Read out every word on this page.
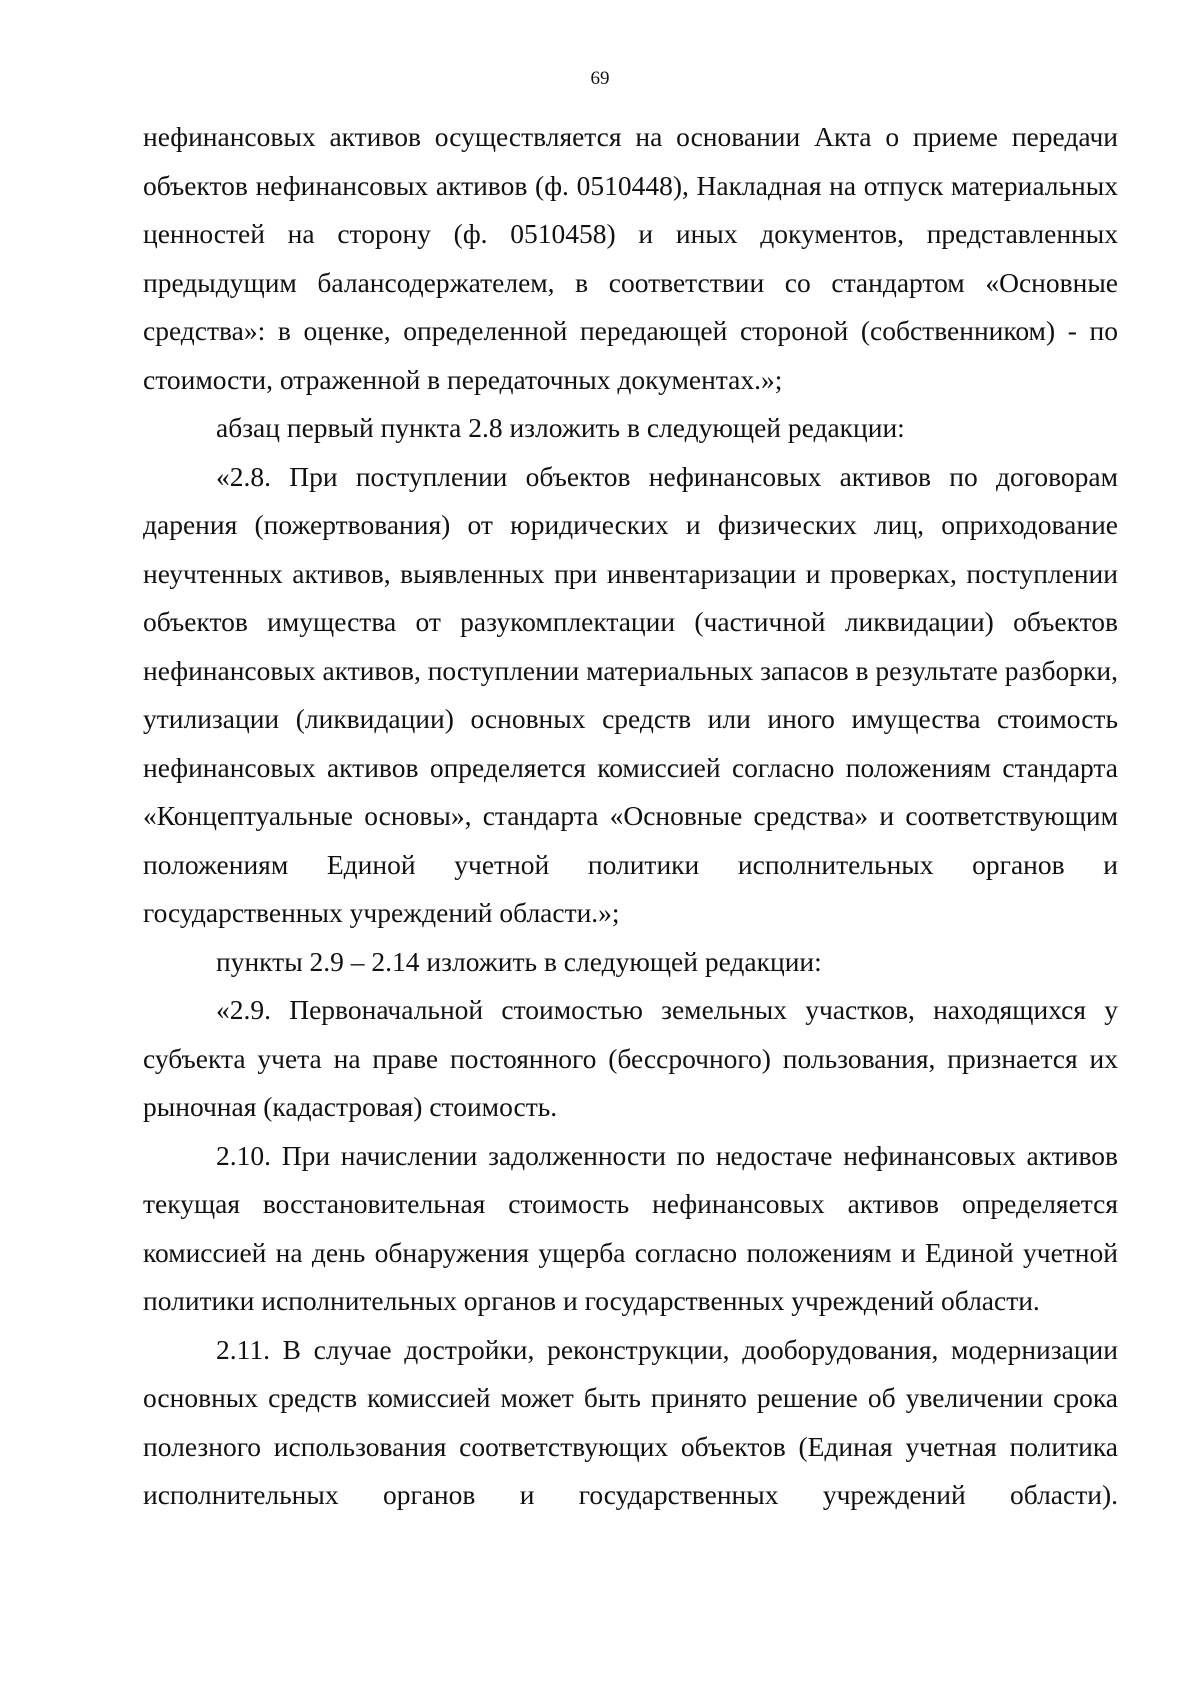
69

нефинансовых активов осуществляется на основании Акта о приеме передачи объектов нефинансовых активов (ф. 0510448), Накладная на отпуск материальных ценностей на сторону (ф. 0510458) и иных документов, представленных предыдущим балансодержателем, в соответствии со стандартом «Основные средства»: в оценке, определенной передающей стороной (собственником) - по стоимости, отраженной в передаточных документах.»;

абзац первый пункта 2.8 изложить в следующей редакции:

«2.8. При поступлении объектов нефинансовых активов по договорам дарения (пожертвования) от юридических и физических лиц, оприходование неучтенных активов, выявленных при инвентаризации и проверках, поступлении объектов имущества от разукомплектации (частичной ликвидации) объектов нефинансовых активов, поступлении материальных запасов в результате разборки, утилизации (ликвидации) основных средств или иного имущества стоимость нефинансовых активов определяется комиссией согласно положениям стандарта «Концептуальные основы», стандарта «Основные средства» и соответствующим положениям Единой учетной политики исполнительных органов и государственных учреждений области.»;

пункты 2.9 – 2.14 изложить в следующей редакции:

«2.9. Первоначальной стоимостью земельных участков, находящихся у субъекта учета на праве постоянного (бессрочного) пользования, признается их рыночная (кадастровая) стоимость.

2.10. При начислении задолженности по недостаче нефинансовых активов текущая восстановительная стоимость нефинансовых активов определяется комиссией на день обнаружения ущерба согласно положениям и Единой учетной политики исполнительных органов и государственных учреждений области.

2.11. В случае достройки, реконструкции, дооборудования, модернизации основных средств комиссией может быть принято решение об увеличении срока полезного использования соответствующих объектов (Единая учетная политика исполнительных органов и государственных учреждений области).
